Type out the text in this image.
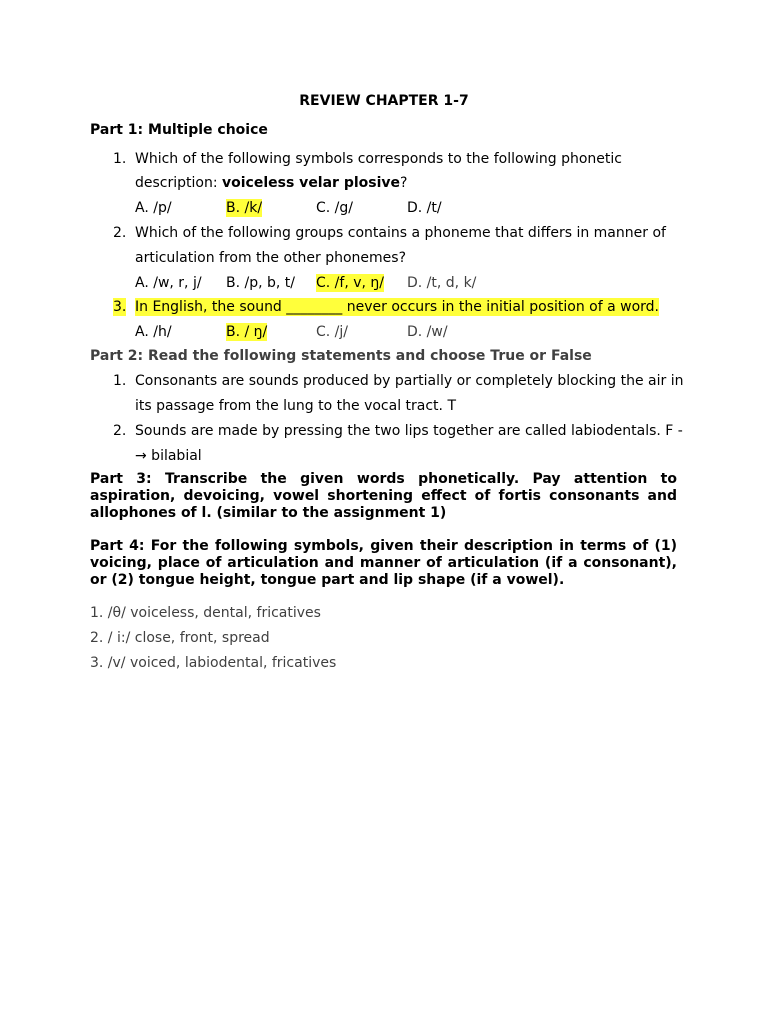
REVIEW CHAPTER 1-7
Part 1: Multiple choice
1. Which of the following symbols corresponds to the following phonetic
description: voiceless velar plosive?
A. /p/	B. /k/	C. /g/	D. /t/
2. Which of the following groups contains a phoneme that differs in manner of
articulation from the other phonemes?
A. /w, r, j/ B. /p, b, t/ C. /f, v, ŋ/ D. /t, d, k/
3. In English, the sound ________ never occurs in the initial position of a word.
A. /h/	B. / ŋ/	C. /j/	D. /w/
Part 2: Read the following statements and choose True or False
1. Consonants are sounds produced by partially or completely blocking the air in
its passage from the lung to the vocal tract. T
2. Sounds are made by pressing the two lips together are called labiodentals. F -
→ bilabial
Part 3: Transcribe the given words phonetically. Pay attention to aspiration, devoicing, vowel shortening effect of fortis consonants and allophones of l. (similar to the assignment 1)
Part 4: For the following symbols, given their description in terms of (1) voicing, place of articulation and manner of articulation (if a consonant), or (2) tongue height, tongue part and lip shape (if a vowel).
1. /θ/ voiceless, dental, fricatives
2. / i:/ close, front, spread
3. /v/ voiced, labiodental, fricatives
